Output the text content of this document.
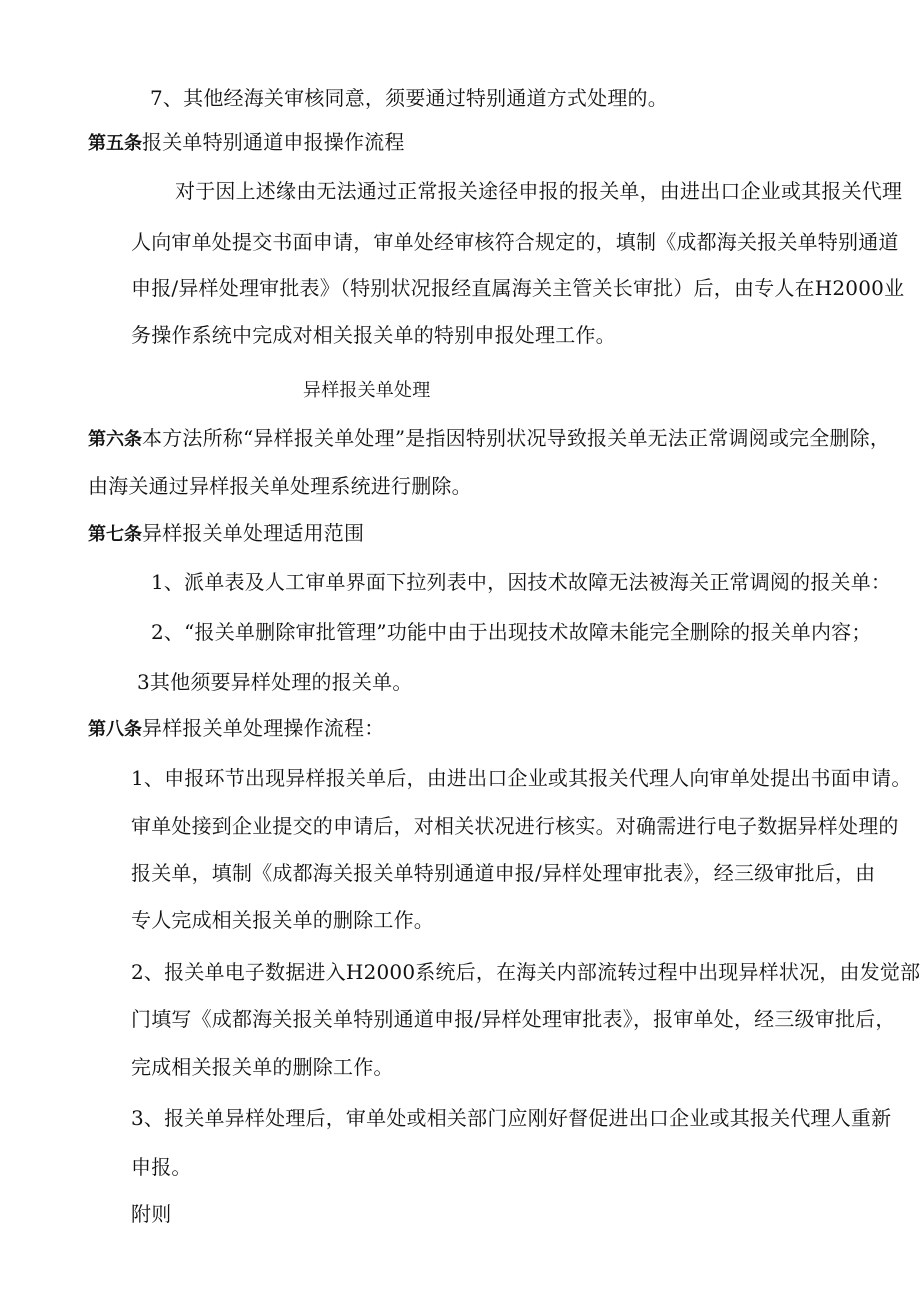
7、其他经海关审核同意，须要通过特别通道方式处理的。
第五条报关单特别通道申报操作流程
对于因上述缘由无法通过正常报关途径申报的报关单，由进出口企业或其报关代理
人向审单处提交书面申请，审单处经审核符合规定的，填制《成都海关报关单特别通道
申报/异样处理审批表》（特别状况报经直属海关主管关长审批）后，由专人在H2000业
务操作系统中完成对相关报关单的特别申报处理工作。
异样报关单处理
第六条本方法所称“异样报关单处理”是指因特别状况导致报关单无法正常调阅或完全删除，
由海关通过异样报关单处理系统进行删除。
第七条异样报关单处理适用范围
1、派单表及人工审单界面下拉列表中，因技术故障无法被海关正常调阅的报关单：
2、“报关单删除审批管理”功能中由于出现技术故障未能完全删除的报关单内容；
3其他须要异样处理的报关单。
第八条异样报关单处理操作流程：
1、申报环节出现异样报关单后，由进出口企业或其报关代理人向审单处提出书面申请。
审单处接到企业提交的申请后，对相关状况进行核实。对确需进行电子数据异样处理的
报关单，填制《成都海关报关单特别通道申报/异样处理审批表》，经三级审批后，由
专人完成相关报关单的删除工作。
2、报关单电子数据进入H2000系统后，在海关内部流转过程中出现异样状况，由发觉部
门填写《成都海关报关单特别通道申报/异样处理审批表》，报审单处，经三级审批后，
完成相关报关单的删除工作。
3、报关单异样处理后，审单处或相关部门应刚好督促进出口企业或其报关代理人重新
申报。
附则
